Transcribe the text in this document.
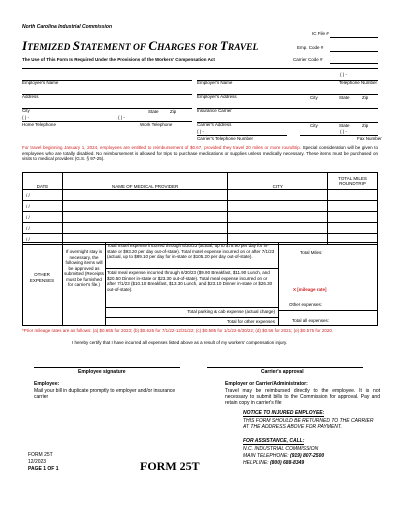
North Carolina Industrial Commission
ITEMIZED STATEMENT OF CHARGES FOR TRAVEL
The Use of This Form Is Required Under the Provisions of the Workers' Compensation Act
IC File #
Emp. Code #
Carrier Code #
Employee's Name
Address
City	State	Zip
( ) -	( ) -
Home Telephone	Work Telephone
( ) -
Employer's Name	Telephone Number
Employer's Address	City	State	Zip
Insurance Carrier
Carrier's Address	City	State	Zip
( ) -	( ) -
Carrier's Telephone Number	Fax Number
For travel beginning January 1, 2024, employees are entitled to reimbursement of $0.67, provided they travel 20 miles or more roundtrip. Special consideration will be given to employees who are totally disabled. No reimbursement is allowed for trips to purchase medications or supplies unless medically necessary. These items must be purchased on visits to medical providers (G.S. § 97-25).
DATE	NAME OF MEDICAL PROVIDER	CITY	TOTAL MILES ROUNDTRIP
/ /			
/ /			
/ /			
/ /			
/ /			
OTHER EXPENSES
If overnight stay is necessary, the following items will be approved as submitted (Receipts must be furnished for carrier's file.)
Total motel expense incurred through 6/30/23 (actual, up to $78.90 per day for in-state or $93.20 per day out-of-state). Total motel expense incurred on or after 7/1/23 (actual, up to $89.10 per day for in-state or $105.20 per day out-of-state).
Total meal expense incurred through 6/30/23 ($9.90 Breakfast, $11.90 Lunch, and $20.50 Dinner in-state or $23.30 out-of-state). Total meal expense incurred on or after 7/1/23 ($10.10 Breakfast, $13.30 Lunch, and $23.10 Dinner in-state or $26.30 out-of-state).
Total parking & cab expense (actual charge)
Total for other expenses
Total Miles:
X [mileage rate]
Other expenses:
Total all expenses:
*Prior mileage rates are as follows: (a) $0.655 for 2023; (b) $0.625 for 7/1/22-12/31/22; (c) $0.585 for 1/1/22-6/30/22; (d) $0.56 for 2021; (e) $0.575 for 2020.
I hereby certify that I have incurred all expenses listed above as a result of my workers' compensation injury.
Employee signature	Carrier's approval
Employee:
Mail your bill in duplicate promptly to employer and/or insurance carrier
Employer or Carrier/Administrator:
Travel may be reimbursed directly to the employee. It is not necessary to submit bills to the Commission for approval. Pay and retain copy in carrier's file
NOTICE TO INJURED EMPLOYEE:
THIS FORM SHOULD BE RETURNED TO THE CARRIER AT THE ADDRESS ABOVE FOR PAYMENT.
FOR ASSISTANCE, CALL:
N.C. INDUSTRIAL COMMISSION
MAIN TELEPHONE: (919) 807-2500
HELPLINE: (800) 688-8349
FORM 25T
12/2023
PAGE 1 OF 1	FORM 25T
